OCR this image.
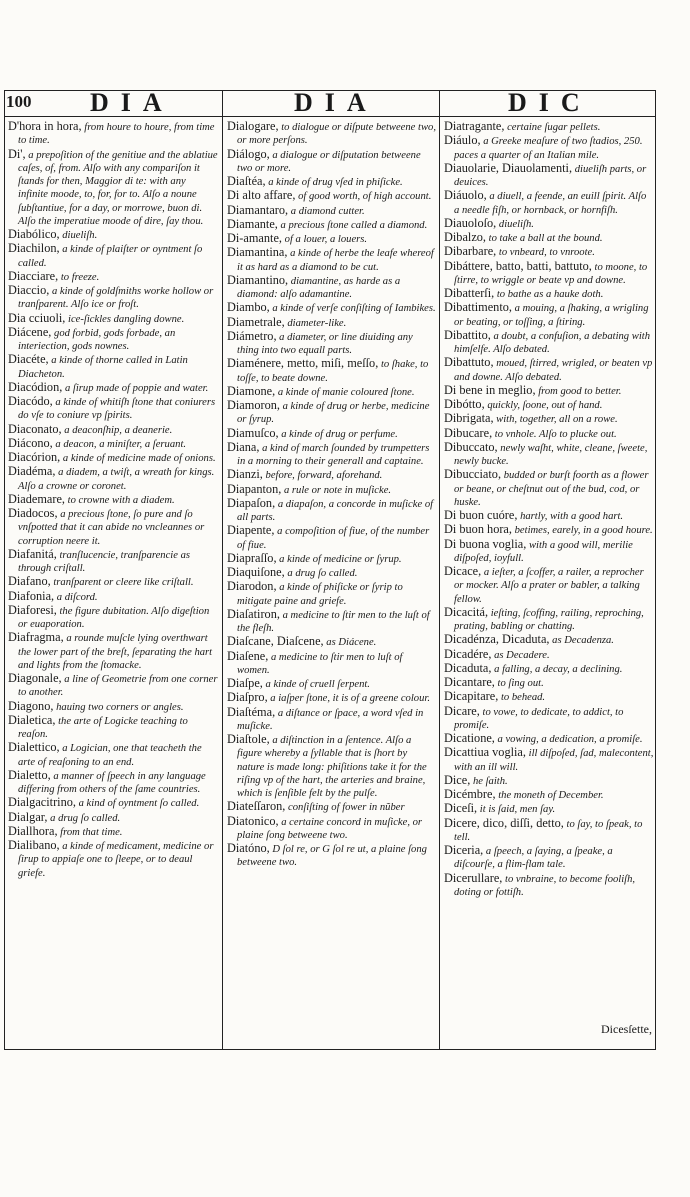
100 DIA	DIA	DIC

D'hora in hora, from houre to houre, from time to time.

Di', a prepoſition of the genitiue and the ablatiue caſes, of, from. Alſo with any compariſon it ſtands for then, Maggior di te: with any infinite moode, to, for, for to. Alſo a noune ſubſtantiue, for a day, or morrowe, buon di. Alſo the imperatiue moode of dire, ſay thou.

Diabólico, diueliſh.

Diachilon, a kinde of plaiſter or oyntment ſo called.

Diacciare, to freeze.

Diaccio, a kinde of goldſmiths worke hollow or tranſparent. Alſo ice or froſt.

Dia cciuoli, ice-ſickles dangling downe.

Diácene, god forbid, gods forbade, an interiection, gods nownes.

Diacéte, a kinde of thorne called in Latin Diacheton.

Diacódion, a ſirup made of poppie and water.

Diacódo, a kinde of whitiſh ſtone that coniurers do vſe to coniure vp ſpirits.

Diaconato, a deaconſhip, a deanerie.

Diácono, a deacon, a miniſter, a ſeruant.

Diacórion, a kinde of medicine made of onions.

Diadéma, a diadem, a twiſt, a wreath for kings. Alſo a crowne or coronet.

Diademare, to crowne with a diadem.

Diadocos, a precious ſtone, ſo pure and ſo vnſpotted that it can abide no vncleannes or corruption neere it.

Diafanitá, tranſlucencie, tranſparencie as through criſtall.

Diafano, tranſparent or cleere like criſtall.

Diafonia, a diſcord.

Diaforesi, the figure dubitation. Alſo digeſtion or euaporation.

Diafragma, a rounde muſcle lying overthwart the lower part of the breſt, ſeparating the hart and lights from the ſtomacke.

Diagonale, a line of Geometrie from one corner to another.

Diagono, hauing two corners or angles.

Dialetica, the arte of Logicke teaching to reaſon.

Dialettico, a Logician, one that teacheth the arte of reaſoning to an end.

Dialetto, a manner of ſpeech in any language differing from others of the ſame countries.

Dialgacitrino, a kind of oyntment ſo called.

Dialgar, a drug ſo called.

Diallhora, from that time.

Dialibano, a kinde of medicament, medicine or ſirup to appiaſe one to ſleepe, or to deaul griefe.

Dialogare, to dialogue or diſpute betweene two, or more perſons.

Diálogo, a dialogue or diſputation betweene two or more.

Diaſtéa, a kinde of drug vſed in phiſicke.

Di alto affare, of good worth, of high account.

Diamantaro, a diamond cutter.

Diamante, a precious ſtone called a diamond.

Di-amante, of a louer, a louers.

Diamantina, a kinde of herbe the leafe whereof it as hard as a diamond to be cut.

Diamantino, diamantine, as harde as a diamond: alſo adamantine.

Diambo, a kinde of verſe conſiſting of Iambikes.

Diametrale, diameter-like.

Diámetro, a diameter, or line diuiding any thing into two equall parts.

Diaménere, metto, miſi, meſſo, to ſhake, to toſſe, to beate downe.

Diamone, a kinde of manie coloured ſtone.

Diamoron, a kinde of drug or herbe, medicine or ſyrup.

Diamuſco, a kinde of drug or perfume.

Diana, a kind of march ſounded by trumpetters in a morning to their generall and captaine.

Dianzi, before, forward, aforehand.

Diapanton, a rule or note in muſicke.

Diapaſon, a diapaſon, a concorde in muſicke of all parts.

Diapente, a compoſition of fiue, of the number of fiue.

Diapraſſo, a kinde of medicine or ſyrup.

Diaquiſone, a drug ſo called.

Diarodon, a kinde of phiſicke or ſyrip to mitigate paine and griefe.

Diaſatiron, a medicine to ſtir men to the luſt of the fleſh.

Diaſcane, Diaſcene, as Diácene.

Diaſene, a medicine to ſtir men to luſt of women.

Diaſpe, a kinde of cruell ſerpent.

Diaſpro, a iaſper ſtone, it is of a greene colour.

Diaſtéma, a diſtance or ſpace, a word vſed in muſicke.

Diaſtole, a diſtinction in a ſentence. Alſo a figure whereby a ſyllable that is ſhort by nature is made long: phiſitions take it for the riſing vp of the hart, the arteries and braine, which is ſenſible felt by the pulſe.

Diateſſaron, conſiſting of fower in nũber

Diatonico, a certaine concord in muſicke, or plaine ſong betweene two.

Diatóno, D ſol re, or G ſol re ut, a plaine ſong betweene two.

Diatragante, certaine ſugar pellets.

Diáulo, a Greeke meaſure of two ſtadios, 250. paces a quarter of an Italian mile.

Diauolarie, Diauolamenti, diueliſh parts, or deuices.

Diáuolo, a diuell, a feende, an euill ſpirit. Alſo a needle fiſh, or hornback, or hornfiſh.

Diauoloſo, diueliſh.

Dibalzo, to take a ball at the bound.

Dibarbare, to vnbeard, to vnroote.

Dibáttere, batto, batti, battuto, to moone, to ſtirre, to wriggle or beate vp and downe.

Dibatterſi, to bathe as a hauke doth.

Dibattimento, a mouing, a ſhaking, a wrigling or beating, or toſſing, a ſtiring.

Dibattito, a doubt, a confuſion, a debating with himſelfe. Alſo debated.

Dibattuto, moued, ſtirred, wrigled, or beaten vp and downe. Alſo debated.

Di bene in meglio, from good to better.

Dibótto, quickly, ſoone, out of hand.

Dibrigata, with, together, all on a rowe.

Dibucare, to vnhole. Alſo to plucke out.

Dibuccato, newly waſht, white, cleane, ſweete, newly bucke.

Dibucciato, budded or burſt foorth as a flower or beane, or cheſtnut out of the bud, cod, or huske.

Di buon cuóre, hartly, with a good hart.

Di buon hora, betimes, earely, in a good houre.

Di buona voglia, with a good will, merilie diſpoſed, ioyfull.

Dicace, a ieſter, a ſcoffer, a railer, a reprocher or mocker. Alſo a prater or babler, a talking fellow.

Dicacitá, ieſting, ſcoffing, railing, reproching, prating, babling or chatting.

Dicadénza, Dicaduta, as Decadenza.

Dicadére, as Decadere.

Dicaduta, a falling, a decay, a declining.

Dicantare, to ſing out.

Dicapitare, to behead.

Dicare, to vowe, to dedicate, to addict, to promiſe.

Dicatione, a vowing, a dedication, a promiſe.

Dicattiua voglia, ill diſpoſed, ſad, malecontent, with an ill will.

Dice, he ſaith.

Dicémbre, the moneth of December.

Diceſi, it is ſaid, men ſay.

Dicere, dico, diſſi, detto, to ſay, to ſpeak, to tell.

Diceria, a ſpeech, a ſaying, a ſpeake, a diſcourſe, a flim-flam tale.

Dicerullare, to vnbraine, to become fooliſh, doting or fottiſh.

Dicesſette,
